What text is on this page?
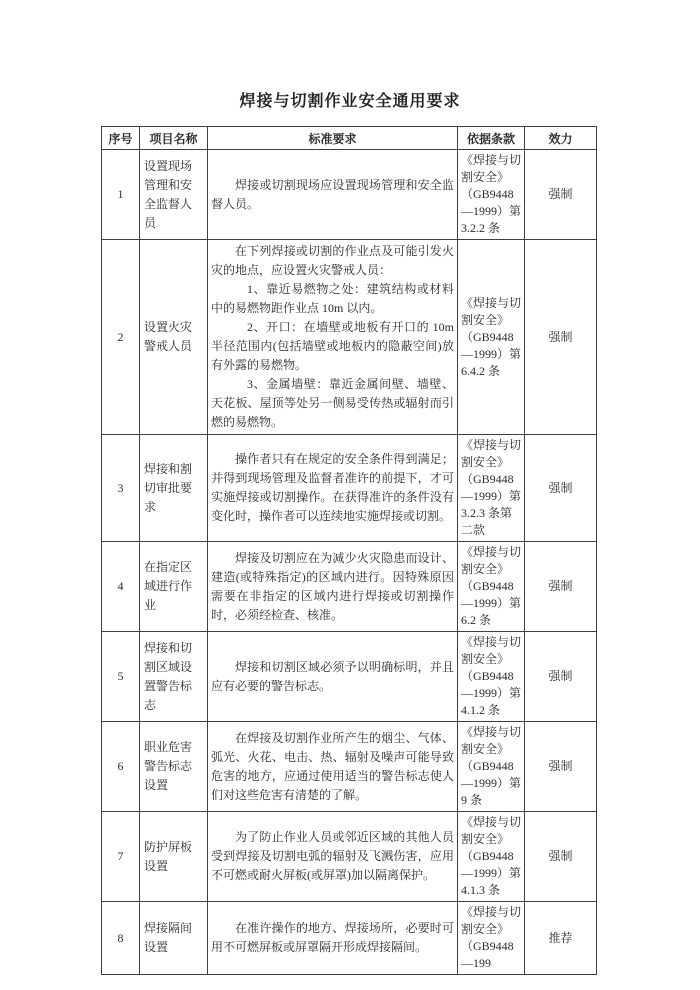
焊接与切割作业安全通用要求
序号	项目名称	标准要求	依据条款	效力
1	设置现场管理和安全监督人员	焊接或切割现场应设置现场管理和安全监督人员。	《焊接与切割安全》（GB9448—1999）第 3.2.2 条	强制
2	设置火灾警戒人员	在下列焊接或切割的作业点及可能引发火灾的地点，应设置火灾警戒人员：

1、靠近易燃物之处：建筑结构或材料中的易燃物距作业点 10m 以内。

2、开口：在墙壁或地板有开口的 10m 半径范围内(包括墙壁或地板内的隐蔽空间)放有外露的易燃物。

3、金属墙壁：靠近金属间壁、墙壁、天花板、屋顶等处另一侧易受传热或辐射而引燃的易燃物。	《焊接与切割安全》（GB9448—1999）第 6.4.2 条	强制
3	焊接和割切审批要求	操作者只有在规定的安全条件得到满足；并得到现场管理及监督者准许的前提下，才可实施焊接或切割操作。在获得准许的条件没有变化时，操作者可以连续地实施焊接或切割。	《焊接与切割安全》（GB9448—1999）第 3.2.3 条第二款	强制
4	在指定区域进行作业	焊接及切割应在为减少火灾隐患而设计、建造(或特殊指定)的区域内进行。因特殊原因需要在非指定的区域内进行焊接或切割操作时，必须经检查、核准。	《焊接与切割安全》（GB9448—1999）第 6.2 条	强制
5	焊接和切割区域设置警告标志	焊接和切割区域必须予以明确标明，并且应有必要的警告标志。	《焊接与切割安全》（GB9448—1999）第 4.1.2 条	强制
6	职业危害警告标志设置	在焊接及切割作业所产生的烟尘、气体、弧光、火花、电击、热、辐射及噪声可能导致危害的地方，应通过使用适当的警告标志使人们对这些危害有清楚的了解。	《焊接与切割安全》（GB9448—1999）第 9 条	强制
7	防护屏板设置	为了防止作业人员或邻近区域的其他人员受到焊接及切割电弧的辐射及飞溅伤害，应用不可燃或耐火屏板(或屏罩)加以隔离保护。	《焊接与切割安全》（GB9448—1999）第 4.1.3 条	强制
8	焊接隔间设置	在准许操作的地方、焊接场所，必要时可用不可燃屏板或屏罩隔开形成焊接隔间。	《焊接与切割安全》（GB9448—199	推荐
